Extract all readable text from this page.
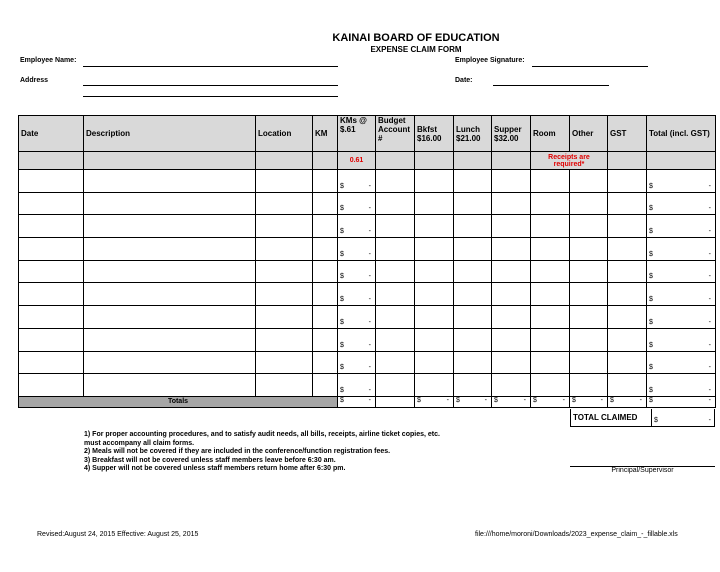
KAINAI BOARD OF EDUCATION
EXPENSE CLAIM FORM
Employee Name:	Employee Signature:
Address	Date:
Date	Description	Location	KM	KMs @ $.61	Budget Account #	Bkfst $16.00	Lunch $21.00	Supper $32.00	Room	Other	GST	Total (incl. GST)
				0.61					Receipts are required*			

				$ -								$ -

				$ -								$ -

				$ -								$ -

				$ -								$ -

				$ -								$ -

				$ -								$ -

				$ -								$ -

				$ -								$ -

				$ -								$ -

				$ -								$ -

Totals				$ -		$ -	$ -	$ -	$ -	$ -	$ -	$ -
TOTAL CLAIMED	$	-
1) For proper accounting procedures, and to satisfy audit needs, all bills, receipts, airline ticket copies, etc.
must accompany all claim forms.
2) Meals will not be covered if they are included in the conference/function registration fees.
3) Breakfast will not be covered unless staff members leave before 6:30 am.
4) Supper will not be covered unless staff members return home after 6:30 pm.	Principal/Supervisor
Revised:August 24, 2015 Effective: August 25, 2015	file:///home/moroni/Downloads/2023_expense_claim_-_fillable.xls
